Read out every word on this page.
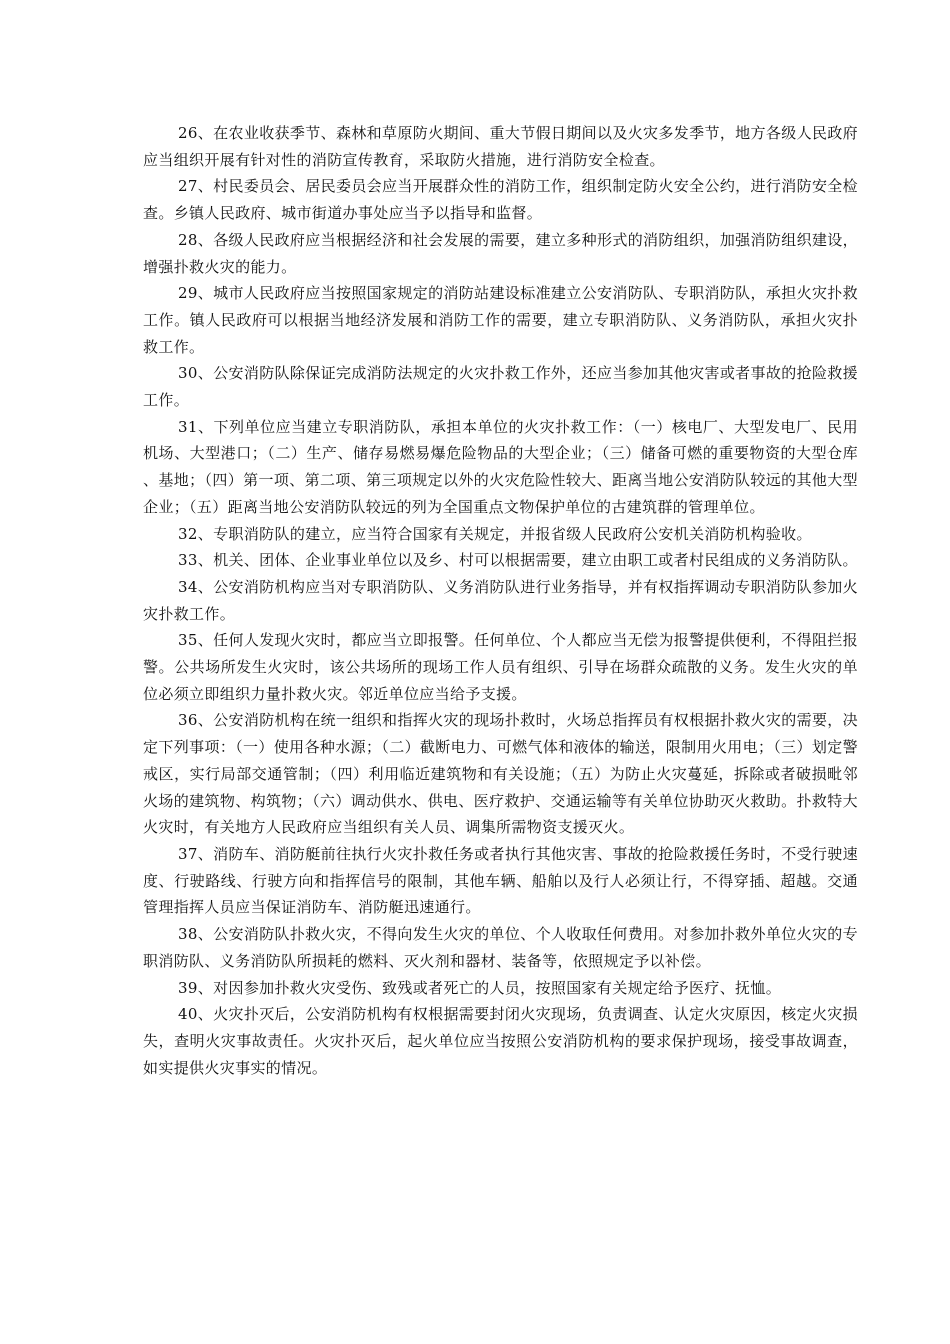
26、在农业收获季节、森林和草原防火期间、重大节假日期间以及火灾多发季节，地方各级人民政府应当组织开展有针对性的消防宣传教育，采取防火措施，进行消防安全检查。

27、村民委员会、居民委员会应当开展群众性的消防工作，组织制定防火安全公约，进行消防安全检查。乡镇人民政府、城市街道办事处应当予以指导和监督。

28、各级人民政府应当根据经济和社会发展的需要，建立多种形式的消防组织，加强消防组织建设，增强扑救火灾的能力。

29、城市人民政府应当按照国家规定的消防站建设标准建立公安消防队、专职消防队，承担火灾扑救工作。镇人民政府可以根据当地经济发展和消防工作的需要，建立专职消防队、义务消防队，承担火灾扑救工作。

30、公安消防队除保证完成消防法规定的火灾扑救工作外，还应当参加其他灾害或者事故的抢险救援工作。

31、下列单位应当建立专职消防队，承担本单位的火灾扑救工作：（一）核电厂、大型发电厂、民用机场、大型港口；（二）生产、储存易燃易爆危险物品的大型企业；（三）储备可燃的重要物资的大型仓库、基地；（四）第一项、第二项、第三项规定以外的火灾危险性较大、距离当地公安消防队较远的其他大型企业；（五）距离当地公安消防队较远的列为全国重点文物保护单位的古建筑群的管理单位。

32、专职消防队的建立，应当符合国家有关规定，并报省级人民政府公安机关消防机构验收。

33、机关、团体、企业事业单位以及乡、村可以根据需要，建立由职工或者村民组成的义务消防队。

34、公安消防机构应当对专职消防队、义务消防队进行业务指导，并有权指挥调动专职消防队参加火灾扑救工作。

35、任何人发现火灾时，都应当立即报警。任何单位、个人都应当无偿为报警提供便利，不得阻拦报警。公共场所发生火灾时，该公共场所的现场工作人员有组织、引导在场群众疏散的义务。发生火灾的单位必须立即组织力量扑救火灾。邻近单位应当给予支援。

36、公安消防机构在统一组织和指挥火灾的现场扑救时，火场总指挥员有权根据扑救火灾的需要，决定下列事项：（一）使用各种水源；（二）截断电力、可燃气体和液体的输送，限制用火用电；（三）划定警戒区，实行局部交通管制；（四）利用临近建筑物和有关设施；（五）为防止火灾蔓延，拆除或者破损毗邻火场的建筑物、构筑物；（六）调动供水、供电、医疗救护、交通运输等有关单位协助灭火救助。扑救特大火灾时，有关地方人民政府应当组织有关人员、调集所需物资支援灭火。

37、消防车、消防艇前往执行火灾扑救任务或者执行其他灾害、事故的抢险救援任务时，不受行驶速度、行驶路线、行驶方向和指挥信号的限制，其他车辆、船舶以及行人必须让行，不得穿插、超越。交通管理指挥人员应当保证消防车、消防艇迅速通行。

38、公安消防队扑救火灾，不得向发生火灾的单位、个人收取任何费用。对参加扑救外单位火灾的专职消防队、义务消防队所损耗的燃料、灭火剂和器材、装备等，依照规定予以补偿。

39、对因参加扑救火灾受伤、致残或者死亡的人员，按照国家有关规定给予医疗、抚恤。

40、火灾扑灭后，公安消防机构有权根据需要封闭火灾现场，负责调查、认定火灾原因，核定火灾损失，查明火灾事故责任。火灾扑灭后，起火单位应当按照公安消防机构的要求保护现场，接受事故调查，如实提供火灾事实的情况。
